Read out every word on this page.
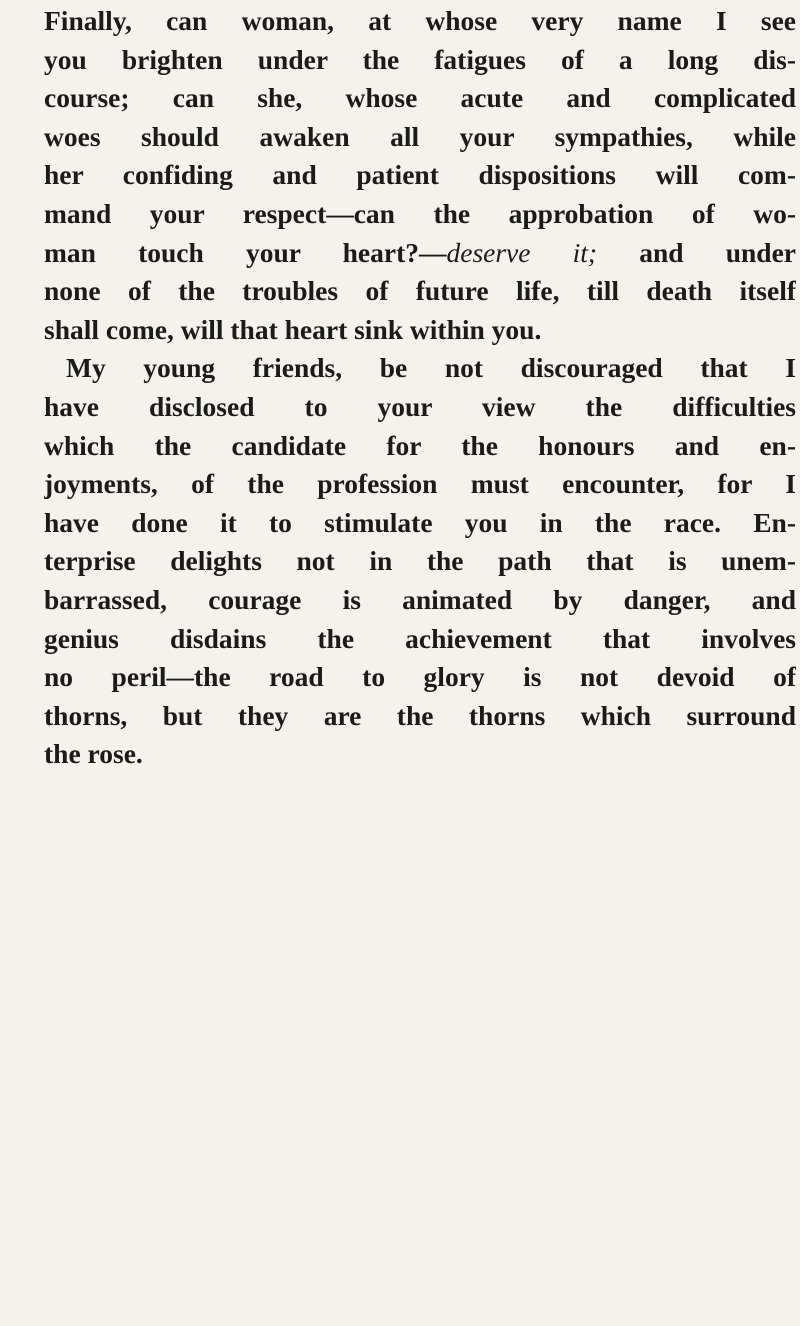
Finally, can woman, at whose very name I see
you brighten under the fatigues of a long dis-
course; can she, whose acute and complicated
woes should awaken all your sympathies, while
her confiding and patient dispositions will com-
mand your respect—can the approbation of wo-
man touch your heart?—deserve it; and under
none of the troubles of future life, till death itself
shall come, will that heart sink within you.
My young friends, be not discouraged that I
have disclosed to your view the difficulties
which the candidate for the honours and en-
joyments, of the profession must encounter, for I
have done it to stimulate you in the race. En-
terprise delights not in the path that is unem-
barrassed, courage is animated by danger, and
genius disdains the achievement that involves
no peril—the road to glory is not devoid of
thorns, but they are the thorns which surround
the rose.
